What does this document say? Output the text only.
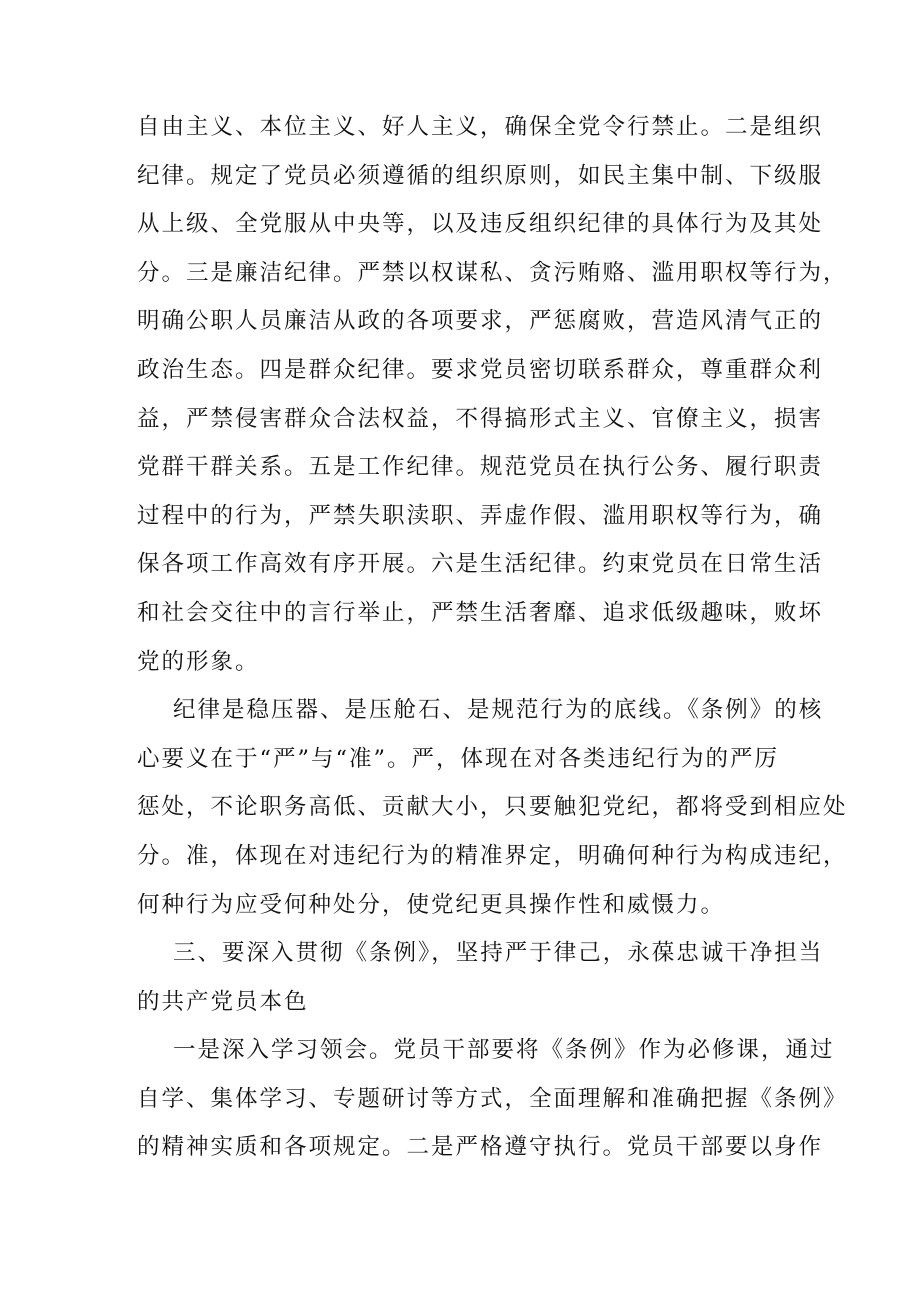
自由主义、本位主义、好人主义，确保全党令行禁止。二是组织
纪律。规定了党员必须遵循的组织原则，如民主集中制、下级服
从上级、全党服从中央等，以及违反组织纪律的具体行为及其处
分。三是廉洁纪律。严禁以权谋私、贪污贿赂、滥用职权等行为，
明确公职人员廉洁从政的各项要求，严惩腐败，营造风清气正的
政治生态。四是群众纪律。要求党员密切联系群众，尊重群众利
益，严禁侵害群众合法权益，不得搞形式主义、官僚主义，损害
党群干群关系。五是工作纪律。规范党员在执行公务、履行职责
过程中的行为，严禁失职渎职、弄虚作假、滥用职权等行为，确
保各项工作高效有序开展。六是生活纪律。约束党员在日常生活
和社会交往中的言行举止，严禁生活奢靡、追求低级趣味，败坏
党的形象。
纪律是稳压器、是压舱石、是规范行为的底线。《条例》的核
心要义在于“严”与“准”。严，体现在对各类违纪行为的严厉
惩处，不论职务高低、贡献大小，只要触犯党纪，都将受到相应处
分。准，体现在对违纪行为的精准界定，明确何种行为构成违纪，
何种行为应受何种处分，使党纪更具操作性和威慑力。
三、要深入贯彻《条例》，坚持严于律己，永葆忠诚干净担当
的共产党员本色
一是深入学习领会。党员干部要将《条例》作为必修课，通过
自学、集体学习、专题研讨等方式，全面理解和准确把握《条例》
的精神实质和各项规定。二是严格遵守执行。党员干部要以身作
